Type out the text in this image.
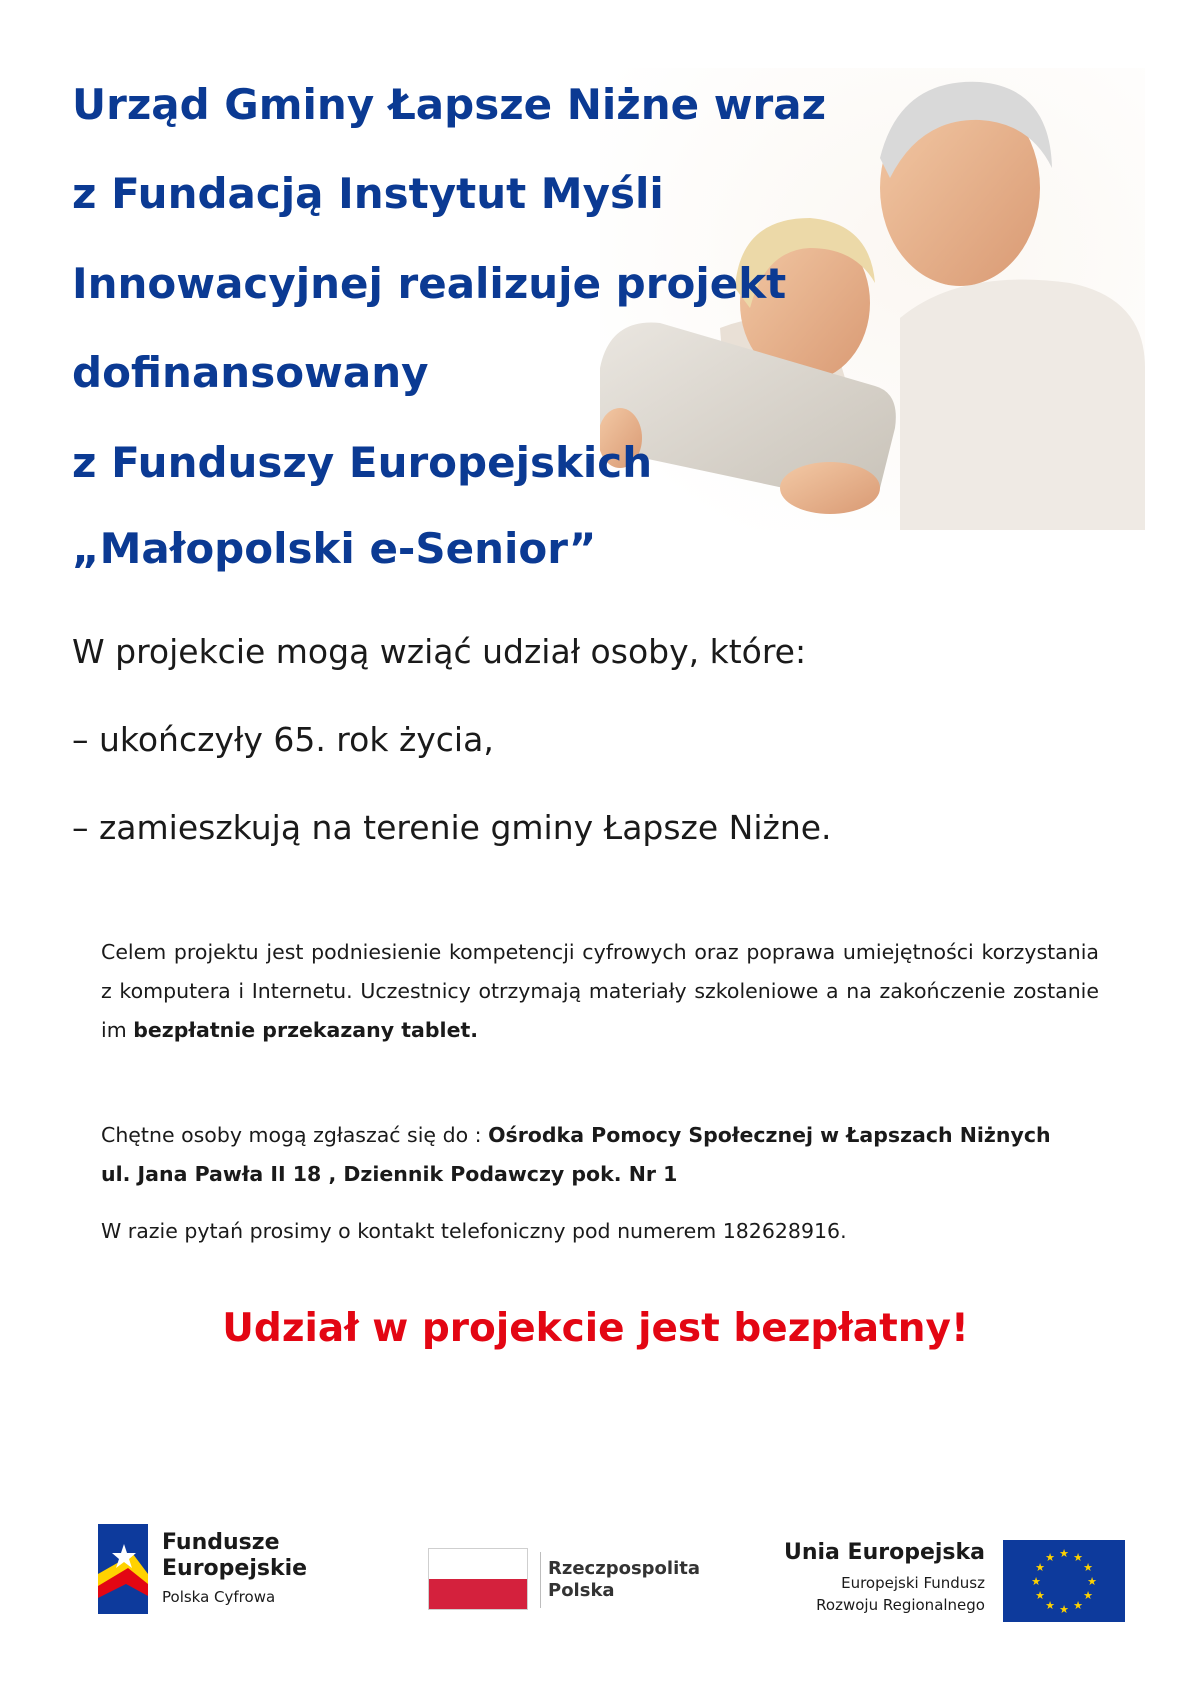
Urząd Gminy Łapsze Niżne wraz
z Fundacją Instytut Myśli
Innowacyjnej realizuje projekt
dofinansowany
z Funduszy Europejskich
„Małopolski e-Senior”

W projekcie mogą wziąć udział osoby, które:

– ukończyły 65. rok życia,

– zamieszkują na terenie gminy Łapsze Niżne.

Celem projektu jest podniesienie kompetencji cyfrowych oraz poprawa umiejętności korzystania z komputera i Internetu. Uczestnicy otrzymają materiały szkoleniowe a na zakończenie zostanie im bezpłatnie przekazany tablet.

Chętne osoby mogą zgłaszać się do : Ośrodka Pomocy Społecznej w Łapszach Niżnych

ul. Jana Pawła II 18 , Dziennik Podawczy pok. Nr 1

W razie pytań prosimy o kontakt telefoniczny pod numerem 182628916.

Udział w projekcie jest bezpłatny!

Fundusze
Europejskie
Polska Cyfrowa
Rzeczpospolita
Polska
Unia Europejska
Europejski Fundusz
Rozwoju Regionalnego
★ ★
★
★
★
★
★
★
★
★
★
★
